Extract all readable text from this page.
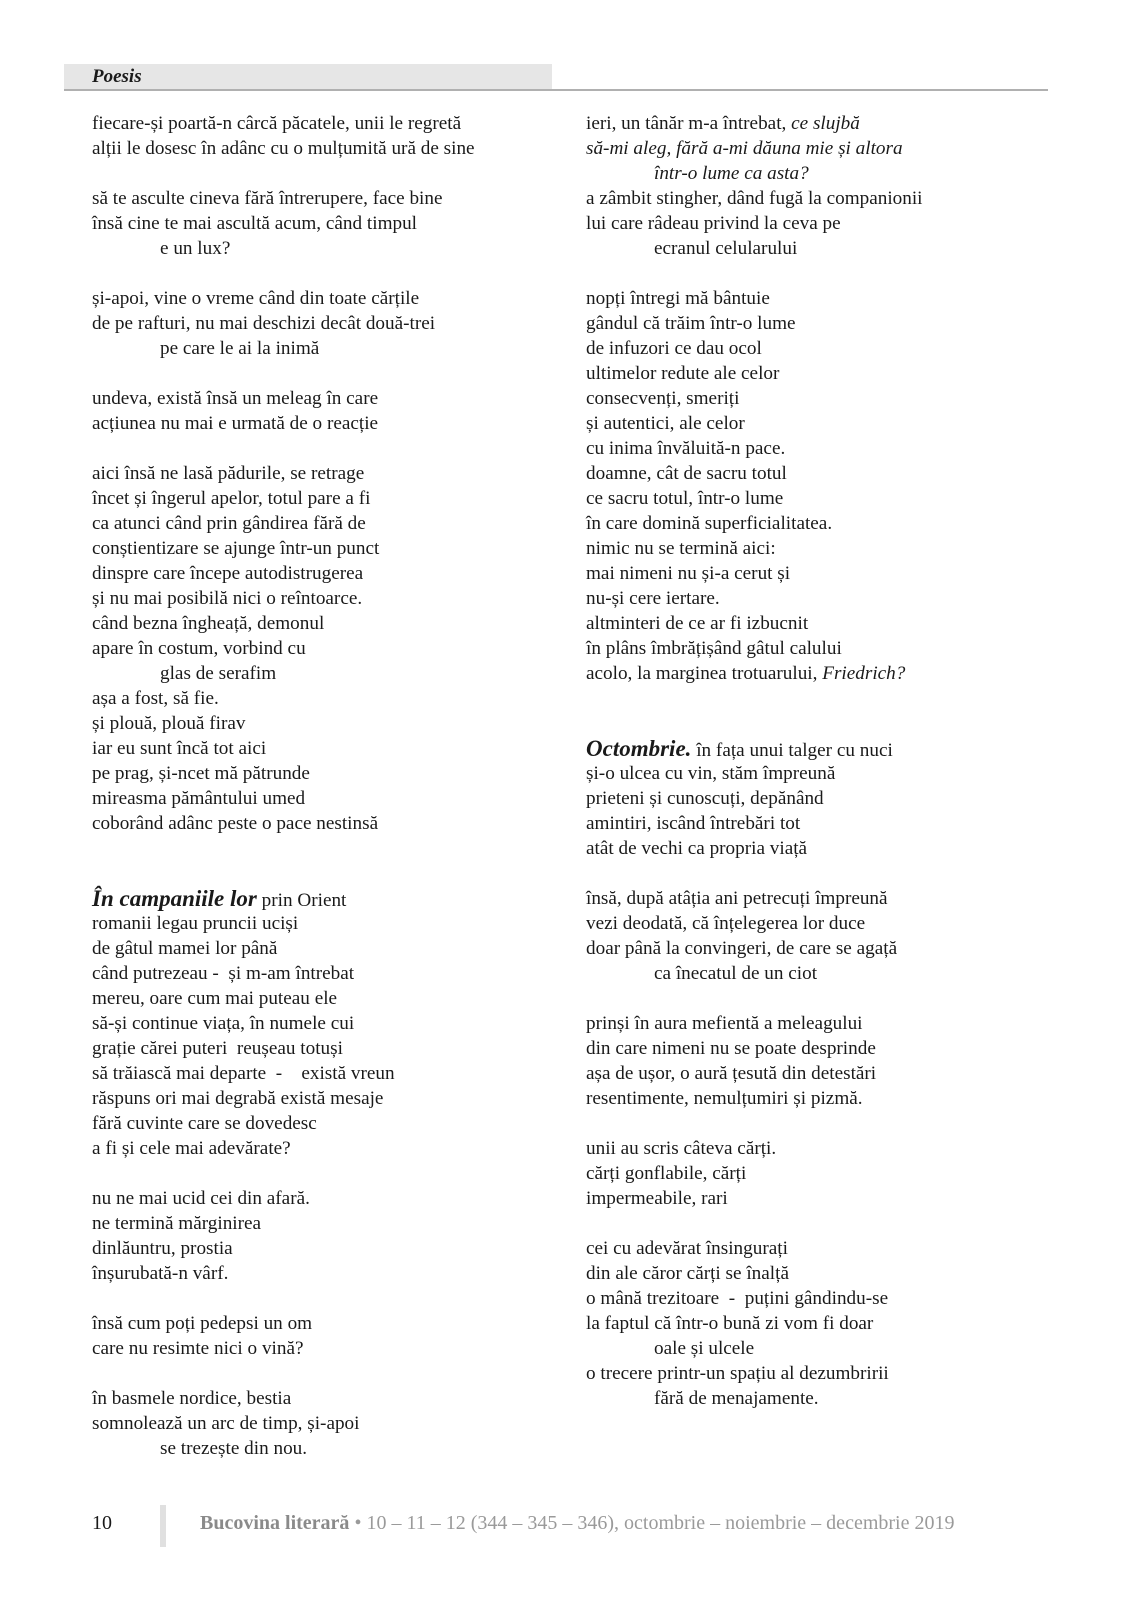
Poesis
fiecare-și poartă-n cârcă păcatele, unii le regretă
alții le dosesc în adânc cu o mulțumită ură de sine
să te asculte cineva fără întrerupere, face bine
însă cine te mai ascultă acum, când timpul
e un lux?
și-apoi, vine o vreme când din toate cărțile
de pe rafturi, nu mai deschizi decât două-trei
pe care le ai la inimă
undeva, există însă un meleag în care
acțiunea nu mai e urmată de o reacție
aici însă ne lasă pădurile, se retrage
încet și îngerul apelor, totul pare a fi
ca atunci când prin gândirea fără de
conștientizare se ajunge într-un punct
dinspre care începe autodistrugerea
și nu mai posibilă nici o reîntoarce.
când bezna îngheață, demonul
apare în costum, vorbind cu
glas de serafim
așa a fost, să fie.
și plouă, plouă firav
iar eu sunt încă tot aici
pe prag, și-ncet mă pătrunde
mireasma pământului umed
coborând adânc peste o pace nestinsă
În campaniile lor prin Orient
romanii legau pruncii uciși
de gâtul mamei lor până
când putrezeau -  și m-am întrebat
mereu, oare cum mai puteau ele
să-și continue viața, în numele cui
grație cărei puteri  reușeau totuși
să trăiască mai departe  -    există vreun
răspuns ori mai degrabă există mesaje
fără cuvinte care se dovedesc
a fi și cele mai adevărate?
nu ne mai ucid cei din afară.
ne termină mărginirea
dinlăuntru, prostia
înșurubată-n vârf.
însă cum poți pedepsi un om
care nu resimte nici o vină?
în basmele nordice, bestia
somnolează un arc de timp, și-apoi
se trezește din nou.
ieri, un tânăr m-a întrebat, ce slujbă
să-mi aleg, fără a-mi dăuna mie și altora
într-o lume ca asta?
a zâmbit stingher, dând fugă la companionii
lui care râdeau privind la ceva pe
ecranul celularului
nopți întregi mă bântuie
gândul că trăim într-o lume
de infuzori ce dau ocol
ultimelor redute ale celor
consecvenți, smeriți
și autentici, ale celor
cu inima învăluită-n pace.
doamne, cât de sacru totul
ce sacru totul, într-o lume
în care domină superficialitatea.
nimic nu se termină aici:
mai nimeni nu și-a cerut și
nu-și cere iertare.
altminteri de ce ar fi izbucnit
în plâns îmbrățișând gâtul calului
acolo, la marginea trotuarului, Friedrich?
Octombrie. în fața unui talger cu nuci
și-o ulcea cu vin, stăm împreună
prieteni și cunoscuți, depănând
amintiri, iscând întrebări tot
atât de vechi ca propria viață
însă, după atâția ani petrecuți împreună
vezi deodată, că înțelegerea lor duce
doar până la convingeri, de care se agață
ca înecatul de un ciot
prinși în aura mefientă a meleagului
din care nimeni nu se poate desprinde
așa de ușor, o aură țesută din detestări
resentimente, nemulțumiri și pizmă.
unii au scris câteva cărți.
cărți gonflabile, cărți
impermeabile, rari
cei cu adevărat însingurați
din ale căror cărți se înalță
o mână trezitoare  -  puțini gândindu-se
la faptul că într-o bună zi vom fi doar
oale și ulcele
o trecere printr-un spațiu al dezumbririi
fără de menajamente.
10	Bucovina literară • 10 – 11 – 12 (344 – 345 – 346), octombrie – noiembrie – decembrie 2019
